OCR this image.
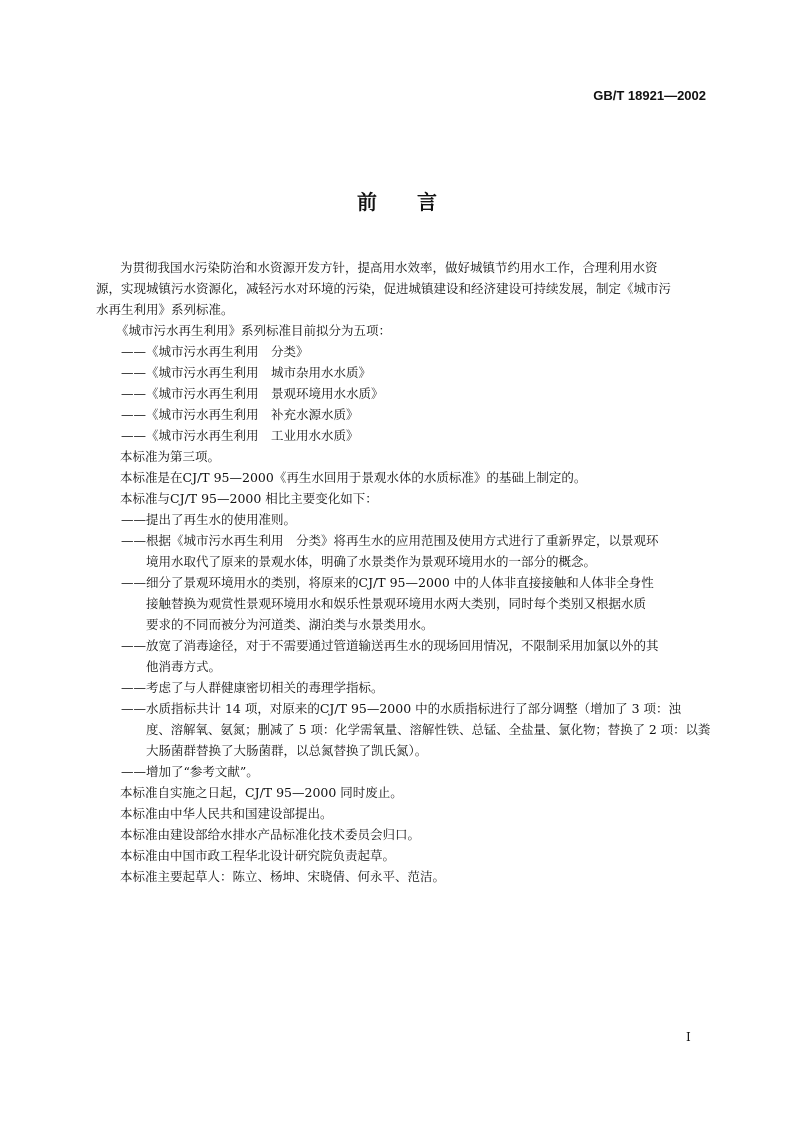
GB/T 18921—2002
前言
为贯彻我国水污染防治和水资源开发方针，提高用水效率，做好城镇节约用水工作，合理利用水资
源，实现城镇污水资源化，减轻污水对环境的污染，促进城镇建设和经济建设可持续发展，制定《城市污
水再生利用》系列标准。
《城市污水再生利用》系列标准目前拟分为五项：
——《城市污水再生利用　分类》
——《城市污水再生利用　城市杂用水水质》
——《城市污水再生利用　景观环境用水水质》
——《城市污水再生利用　补充水源水质》
——《城市污水再生利用　工业用水水质》
本标准为第三项。
本标准是在CJ/T 95—2000《再生水回用于景观水体的水质标准》的基础上制定的。
本标准与CJ/T 95—2000 相比主要变化如下：
——提出了再生水的使用准则。
——根据《城市污水再生利用　分类》将再生水的应用范围及使用方式进行了重新界定，以景观环
境用水取代了原来的景观水体，明确了水景类作为景观环境用水的一部分的概念。
——细分了景观环境用水的类别，将原来的CJ/T 95—2000 中的人体非直接接触和人体非全身性
接触替换为观赏性景观环境用水和娱乐性景观环境用水两大类别，同时每个类别又根据水质
要求的不同而被分为河道类、湖泊类与水景类用水。
——放宽了消毒途径，对于不需要通过管道输送再生水的现场回用情况，不限制采用加氯以外的其
他消毒方式。
——考虑了与人群健康密切相关的毒理学指标。
——水质指标共计 14 项，对原来的CJ/T 95—2000 中的水质指标进行了部分调整（增加了 3 项：浊
度、溶解氧、氨氮；删减了 5 项：化学需氧量、溶解性铁、总锰、全盐量、氯化物；替换了 2 项：以粪
大肠菌群替换了大肠菌群，以总氮替换了凯氏氮）。
——增加了“参考文献”。
本标准自实施之日起，CJ/T 95—2000 同时废止。
本标准由中华人民共和国建设部提出。
本标准由建设部给水排水产品标准化技术委员会归口。
本标准由中国市政工程华北设计研究院负责起草。
本标准主要起草人：陈立、杨坤、宋晓倩、何永平、范洁。
I
